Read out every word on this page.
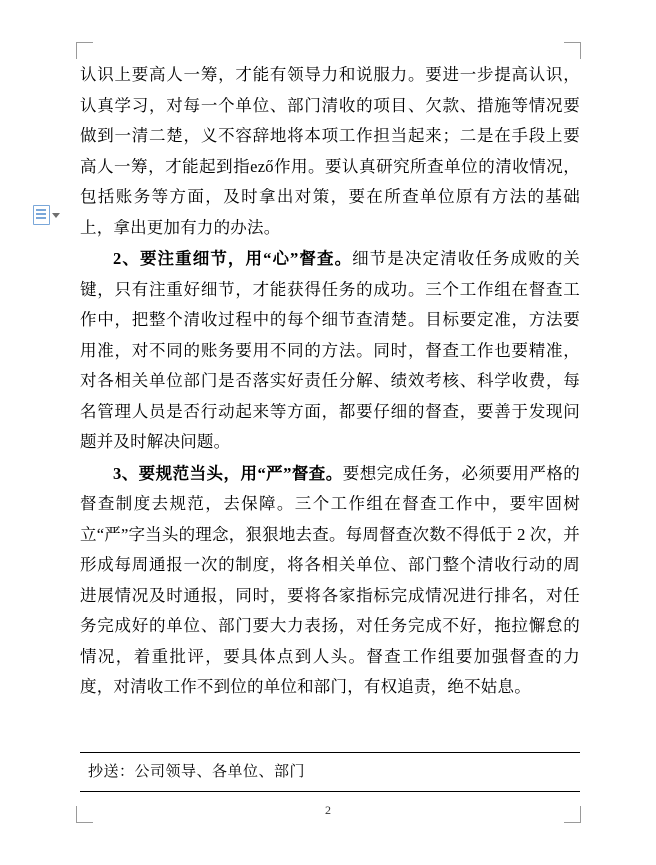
认识上要高人一筹，才能有领导力和说服力。要进一步提高认识，认真学习，对每一个单位、部门清收的项目、欠款、措施等情况要做到一清二楚，义不容辞地将本项工作担当起来；二是在手段上要高人一筹，才能起到指ező作用。要认真研究所查单位的清收情况，包括账务等方面，及时拿出对策，要在所查单位原有方法的基础上，拿出更加有力的办法。

2、要注重细节，用“心”督查。细节是决定清收任务成败的关键，只有注重好细节，才能获得任务的成功。三个工作组在督查工作中，把整个清收过程中的每个细节查清楚。目标要定准，方法要用准，对不同的账务要用不同的方法。同时，督查工作也要精准，对各相关单位部门是否落实好责任分解、绩效考核、科学收费，每名管理人员是否行动起来等方面，都要仔细的督查，要善于发现问题并及时解决问题。

3、要规范当头，用“严”督查。要想完成任务，必须要用严格的督查制度去规范，去保障。三个工作组在督查工作中，要牢固树立“严”字当头的理念，狠狠地去查。每周督查次数不得低于 2 次，并形成每周通报一次的制度，将各相关单位、部门整个清收行动的周进展情况及时通报，同时，要将各家指标完成情况进行排名，对任务完成好的单位、部门要大力表扬，对任务完成不好，拖拉懈怠的情况，着重批评，要具体点到人头。督查工作组要加强督查的力度，对清收工作不到位的单位和部门，有权追责，绝不姑息。

抄送：公司领导、各单位、部门
2
